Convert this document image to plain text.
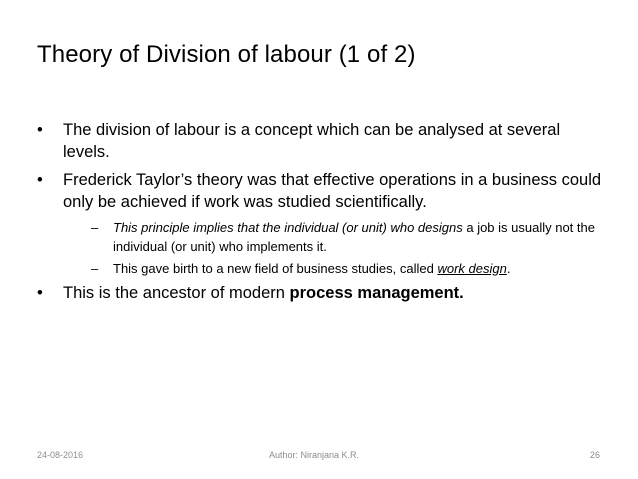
Theory of Division of labour (1 of 2)
• The division of labour is a concept which can be analysed at several levels.
• Frederick Taylor’s theory was that effective operations in a business could only be achieved if work was studied scientifically.
– This principle implies that the individual (or unit) who designs a job is usually not the individual (or unit) who implements it.
– This gave birth to a new field of business studies, called work design.
• This is the ancestor of modern process management.
24-08-2016	Author: Niranjana K.R.	26
